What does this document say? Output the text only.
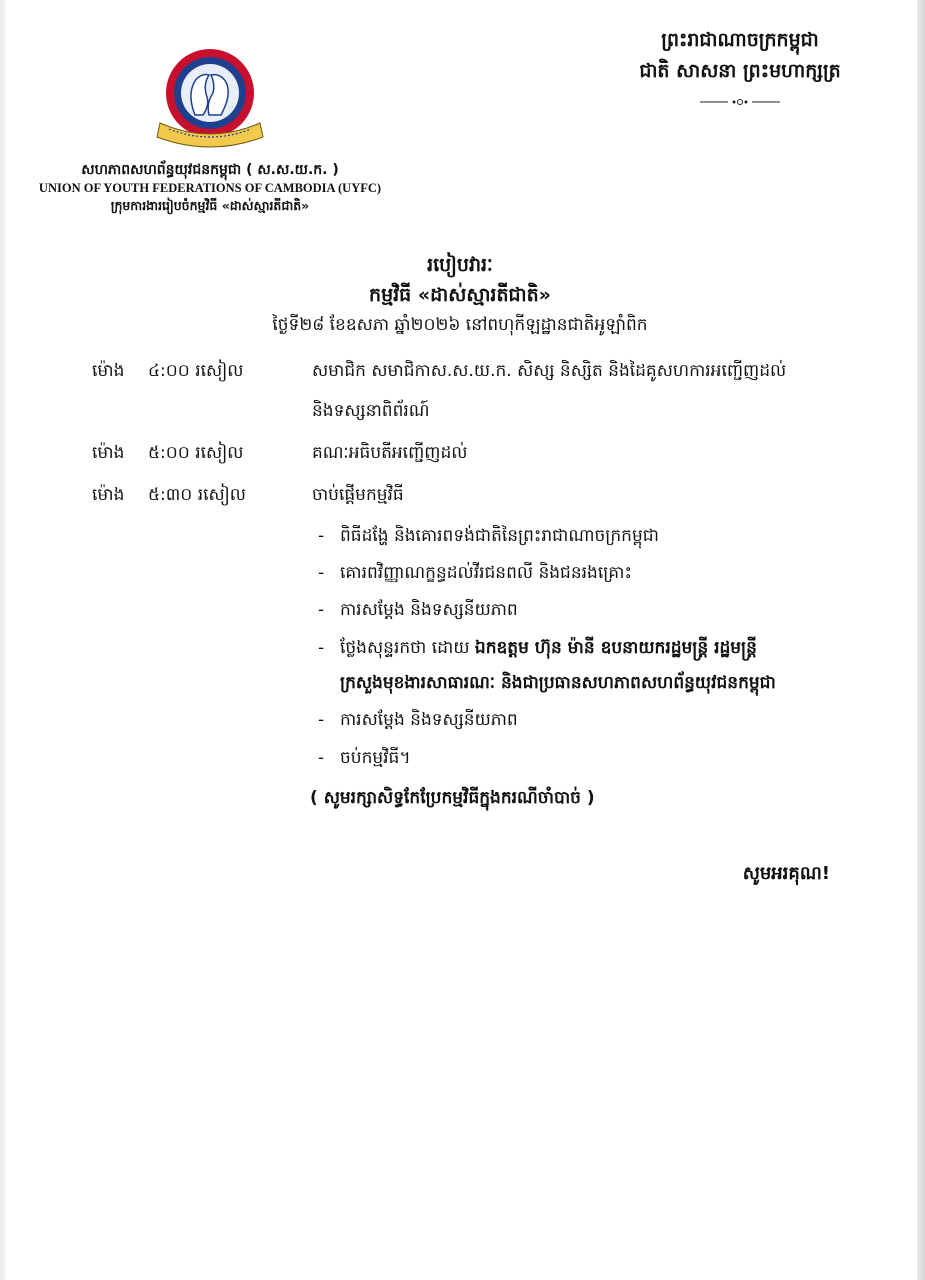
សហភាពសហព័ន្ធយុវជនកម្ពុជា ( ស.ស.យ.ក. )
UNION OF YOUTH FEDERATIONS OF CAMBODIA (UYFC)
ក្រុមការងាររៀបចំកម្មវិធី «ដាស់ស្មារតីជាតិ»
ព្រះរាជាណាចក្រកម្ពុជា
ជាតិ សាសនា ព្រះមហាក្សត្រ
របៀបវារៈ
កម្មវិធី «ដាស់ស្មារតីជាតិ»
ថ្ងៃទី២៨ ខែឧសភា ឆ្នាំ២០២៦ នៅពហុកីឡដ្ឋានជាតិអូឡាំពិក
ម៉ោង ៤:០០ រសៀល	សមាជិក សមាជិកាស.ស.យ.ក. សិស្ស និស្សិត និងដៃគូសហការអញ្ជើញដល់
និងទស្សនាពិព័រណ៍
ម៉ោង ៥:០០ រសៀល	គណៈអធិបតីអញ្ជើញដល់
ម៉ោង ៥:៣០ រសៀល	ចាប់ផ្តើមកម្មវិធី
- ពិធីដង្ហែ និងគោរពទង់ជាតិនៃព្រះរាជាណាចក្រកម្ពុជា
- គោរពវិញ្ញាណក្ខន្ធដល់វីរជនពលី និងជនរងគ្រោះ
- ការសម្តែង និងទស្សនីយភាព
- ថ្លែងសុន្ទរកថា ដោយ ឯកឧត្តម ហ៊ុន ម៉ានី ឧបនាយករដ្ឋមន្ត្រី រដ្ឋមន្ត្រី
ក្រសួងមុខងារសាធារណៈ និងជាប្រធានសហភាពសហព័ន្ធយុវជនកម្ពុជា
- ការសម្តែង និងទស្សនីយភាព
- ចប់កម្មវិធី។
( សូមរក្សាសិទ្ធកែប្រែកម្មវិធីក្នុងករណីចាំបាច់ )
សូមអរគុណ!
